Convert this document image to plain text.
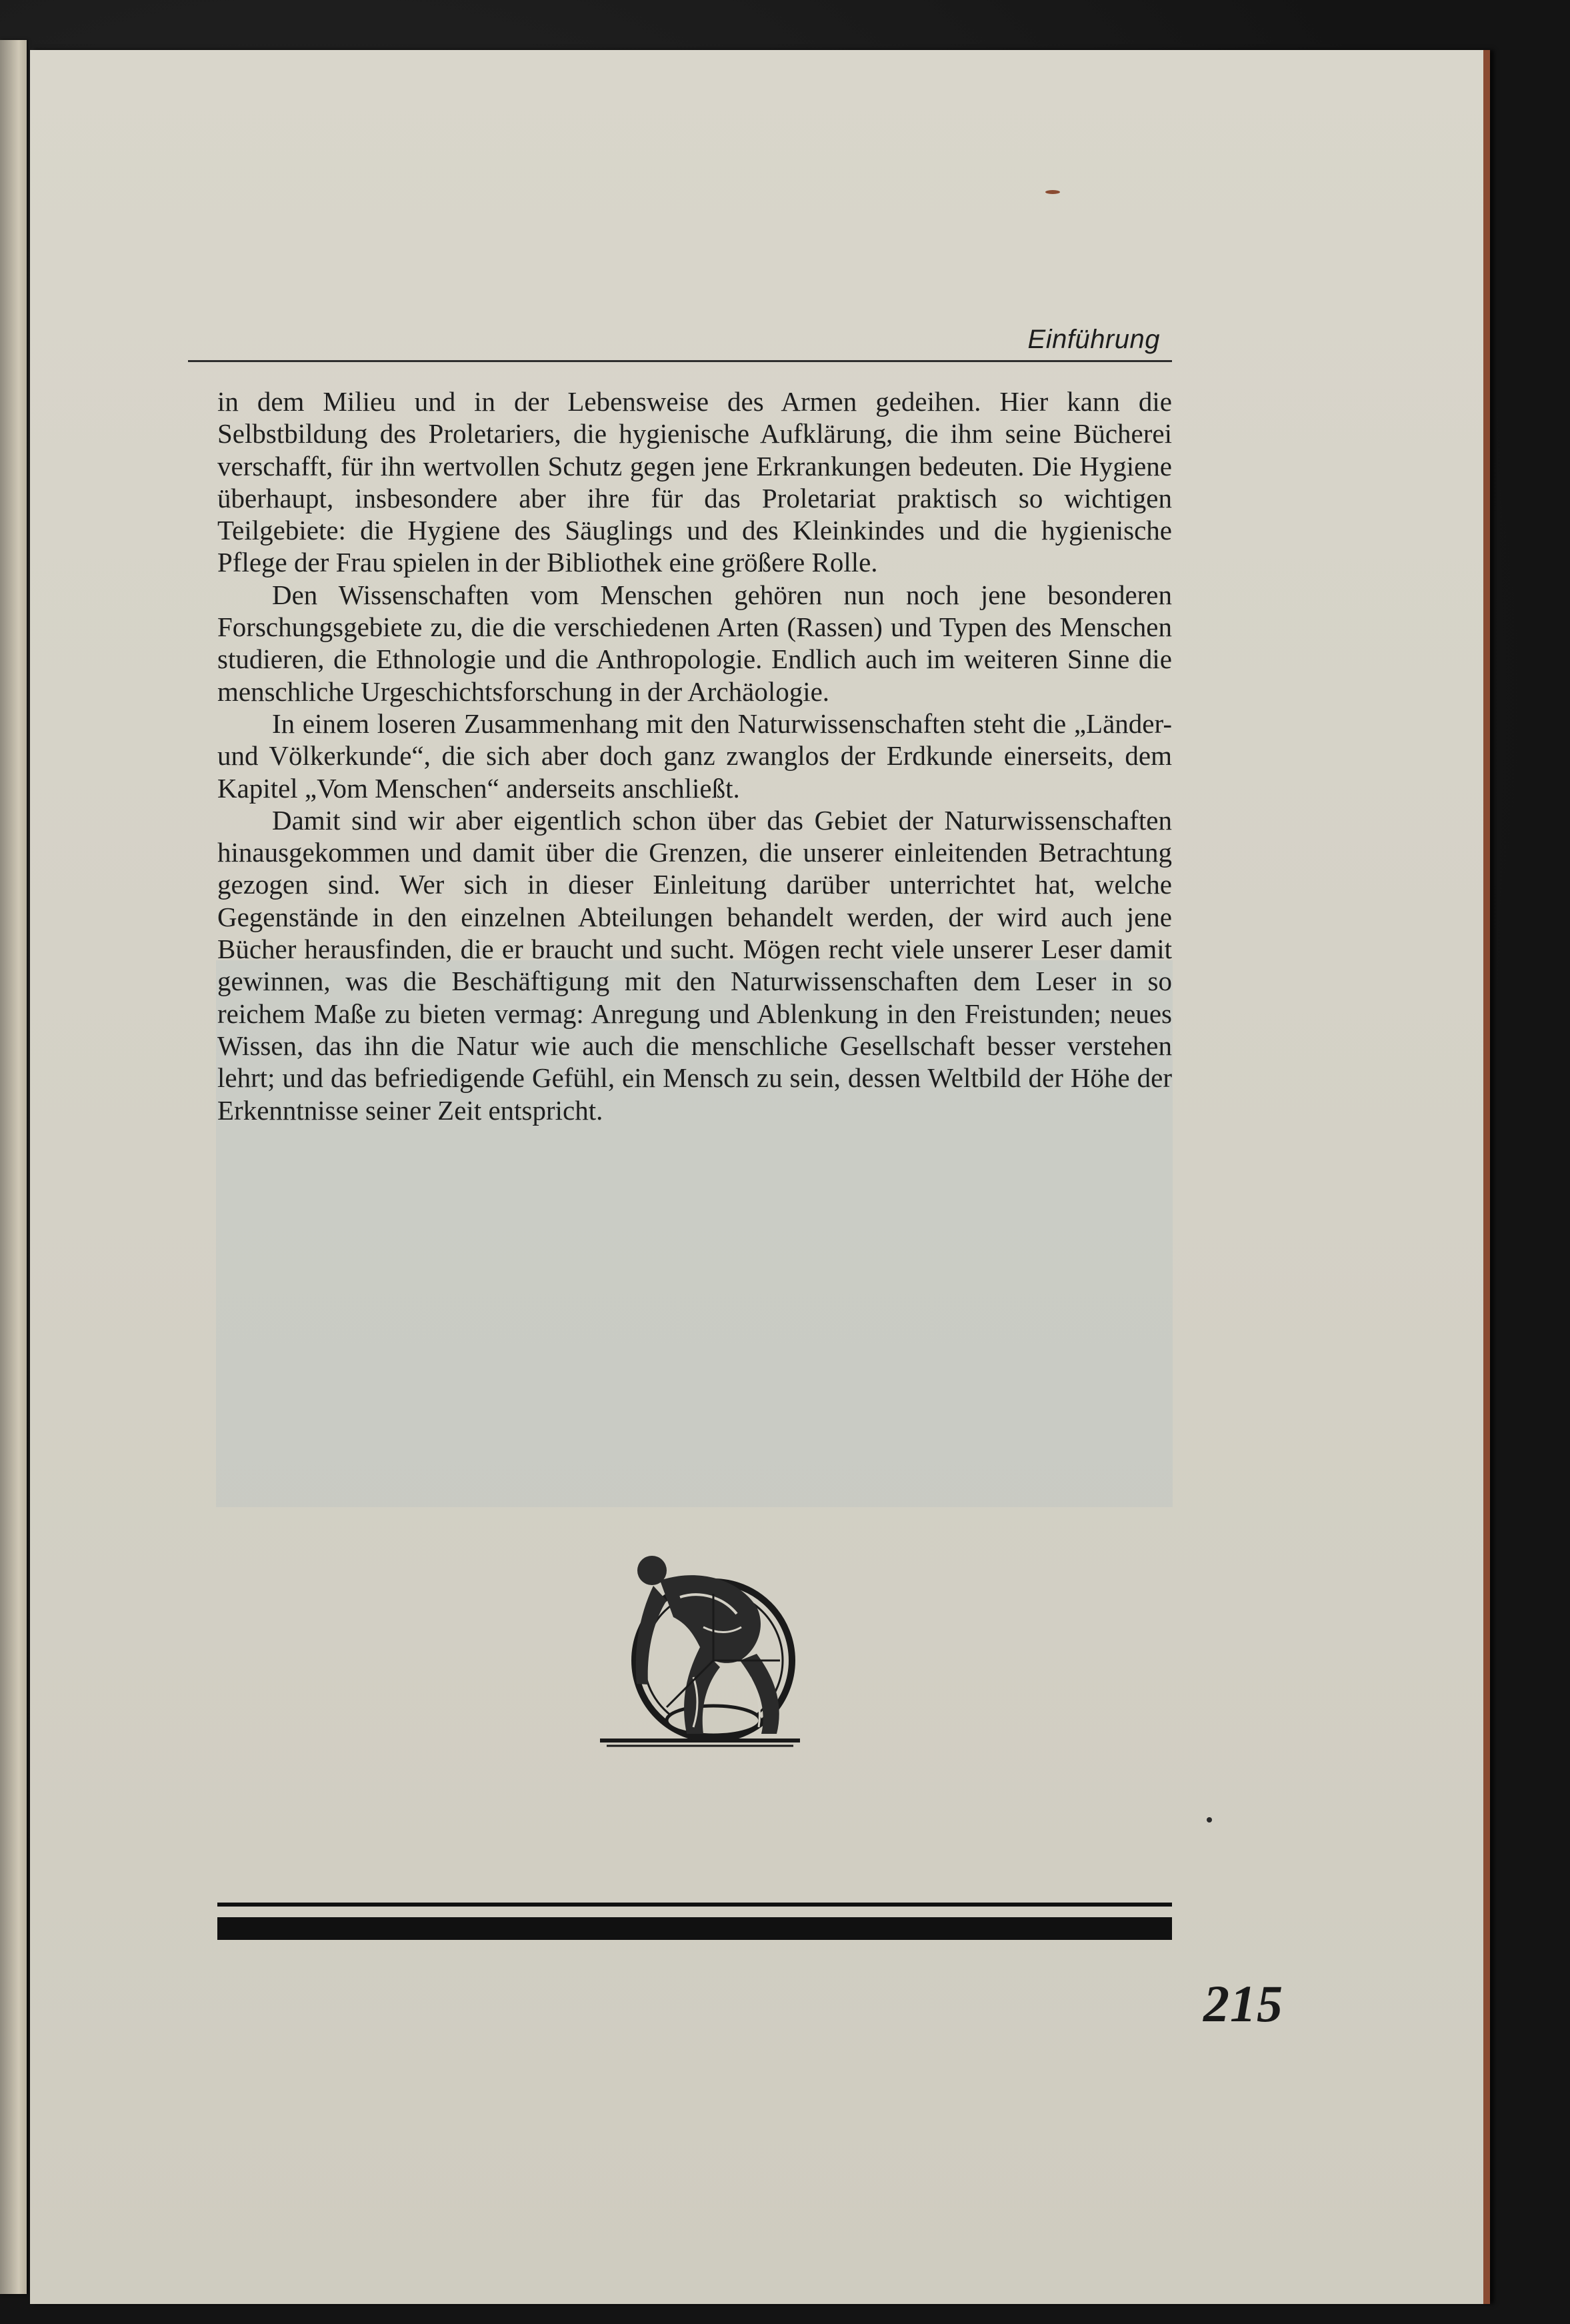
Einführung

in dem Milieu und in der Lebensweise des Armen gedeihen. Hier kann die Selbstbildung des Proletariers, die hygienische Aufklärung, die ihm seine Bücherei verschafft, für ihn wertvollen Schutz gegen jene Erkrankungen bedeuten. Die Hygiene überhaupt, insbesondere aber ihre für das Proletariat praktisch so wichtigen Teilgebiete: die Hygiene des Säuglings und des Kleinkindes und die hygienische Pflege der Frau spielen in der Bibliothek eine größere Rolle.

Den Wissenschaften vom Menschen gehören nun noch jene besonderen Forschungsgebiete zu, die die verschiedenen Arten (Rassen) und Typen des Menschen studieren, die Ethnologie und die Anthropologie. Endlich auch im weiteren Sinne die menschliche Urgeschichtsforschung in der Archäologie.

In einem loseren Zusammenhang mit den Naturwissenschaften steht die „Länder- und Völkerkunde“, die sich aber doch ganz zwanglos der Erdkunde einerseits, dem Kapitel „Vom Menschen“ anderseits anschließt.

Damit sind wir aber eigentlich schon über das Gebiet der Naturwissenschaften hinausgekommen und damit über die Grenzen, die unserer einleitenden Betrachtung gezogen sind. Wer sich in dieser Einleitung darüber unterrichtet hat, welche Gegenstände in den einzelnen Abteilungen behandelt werden, der wird auch jene Bücher herausfinden, die er braucht und sucht. Mögen recht viele unserer Leser damit gewinnen, was die Beschäftigung mit den Naturwissenschaften dem Leser in so reichem Maße zu bieten vermag: Anregung und Ablenkung in den Freistunden; neues Wissen, das ihn die Natur wie auch die menschliche Gesellschaft besser verstehen lehrt; und das befriedigende Gefühl, ein Mensch zu sein, dessen Weltbild der Höhe der Erkenntnisse seiner Zeit entspricht.

215
